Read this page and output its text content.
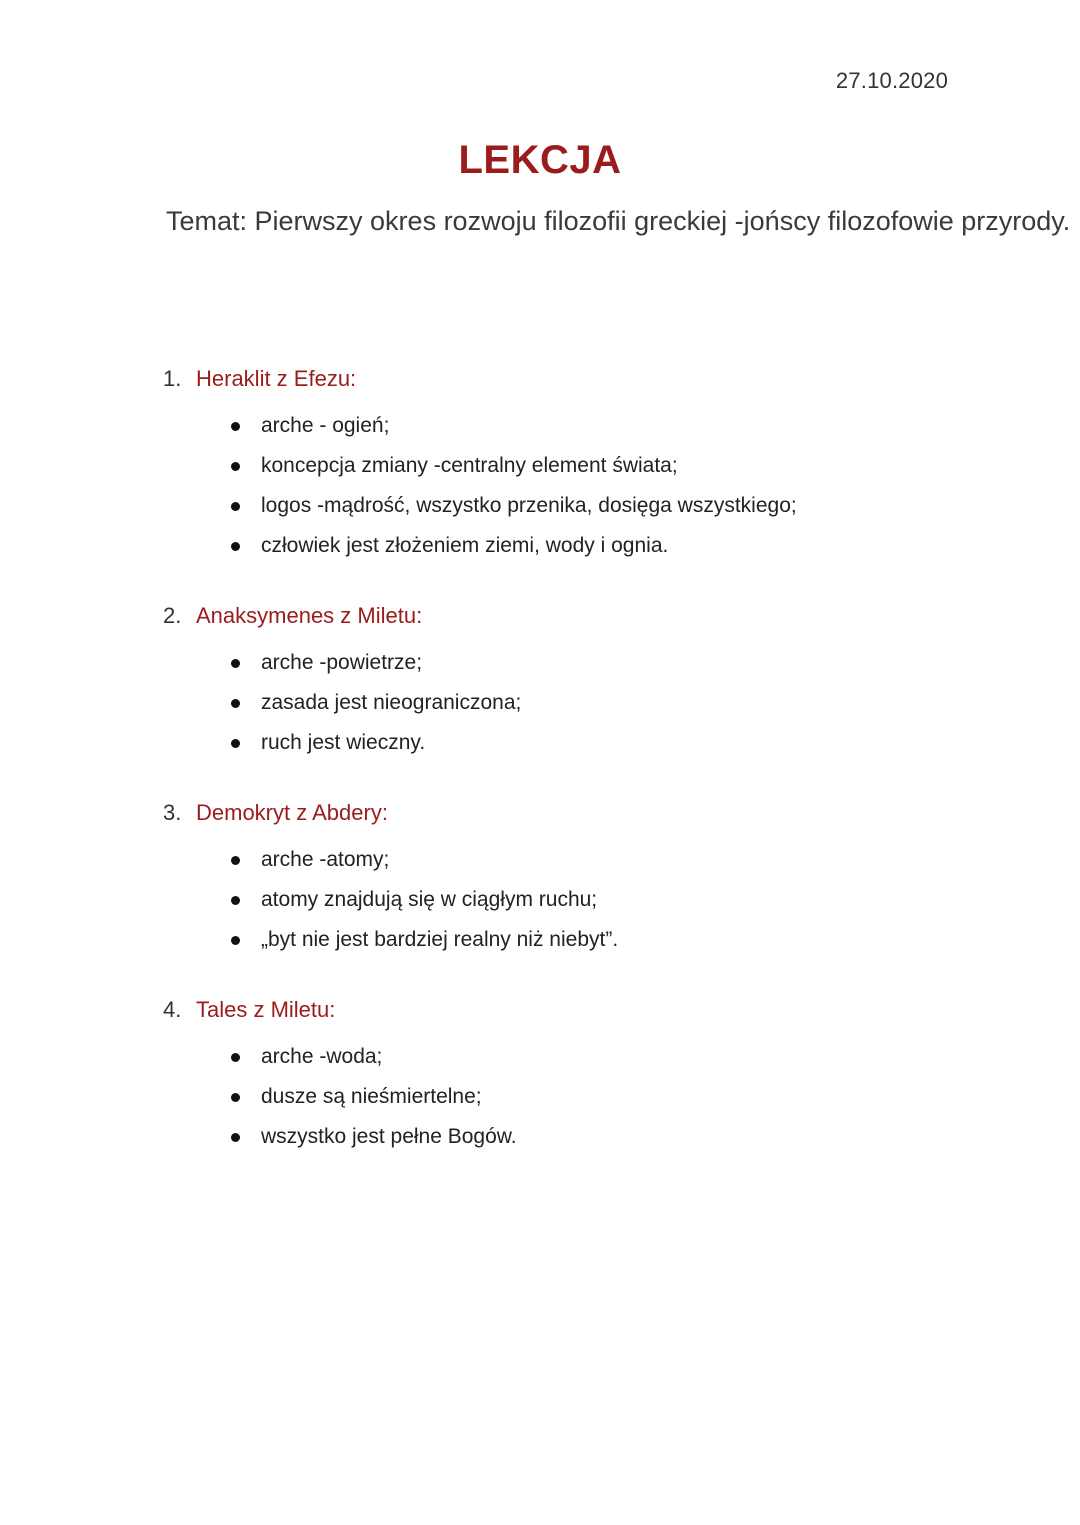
27.10.2020
LEKCJA
Temat: Pierwszy okres rozwoju filozofii greckiej -jońscy filozofowie przyrody.
1. Heraklit z Efezu:
arche - ogień;
koncepcja zmiany -centralny element świata;
logos -mądrość, wszystko przenika, dosięga wszystkiego;
człowiek jest złożeniem ziemi, wody i ognia.
2. Anaksymenes z Miletu:
arche -powietrze;
zasada jest nieograniczona;
ruch jest wieczny.
3. Demokryt z Abdery:
arche -atomy;
atomy znajdują się w ciągłym ruchu;
„byt nie jest bardziej realny niż niebyt”.
4. Tales z Miletu:
arche -woda;
dusze są nieśmiertelne;
wszystko jest pełne Bogów.
